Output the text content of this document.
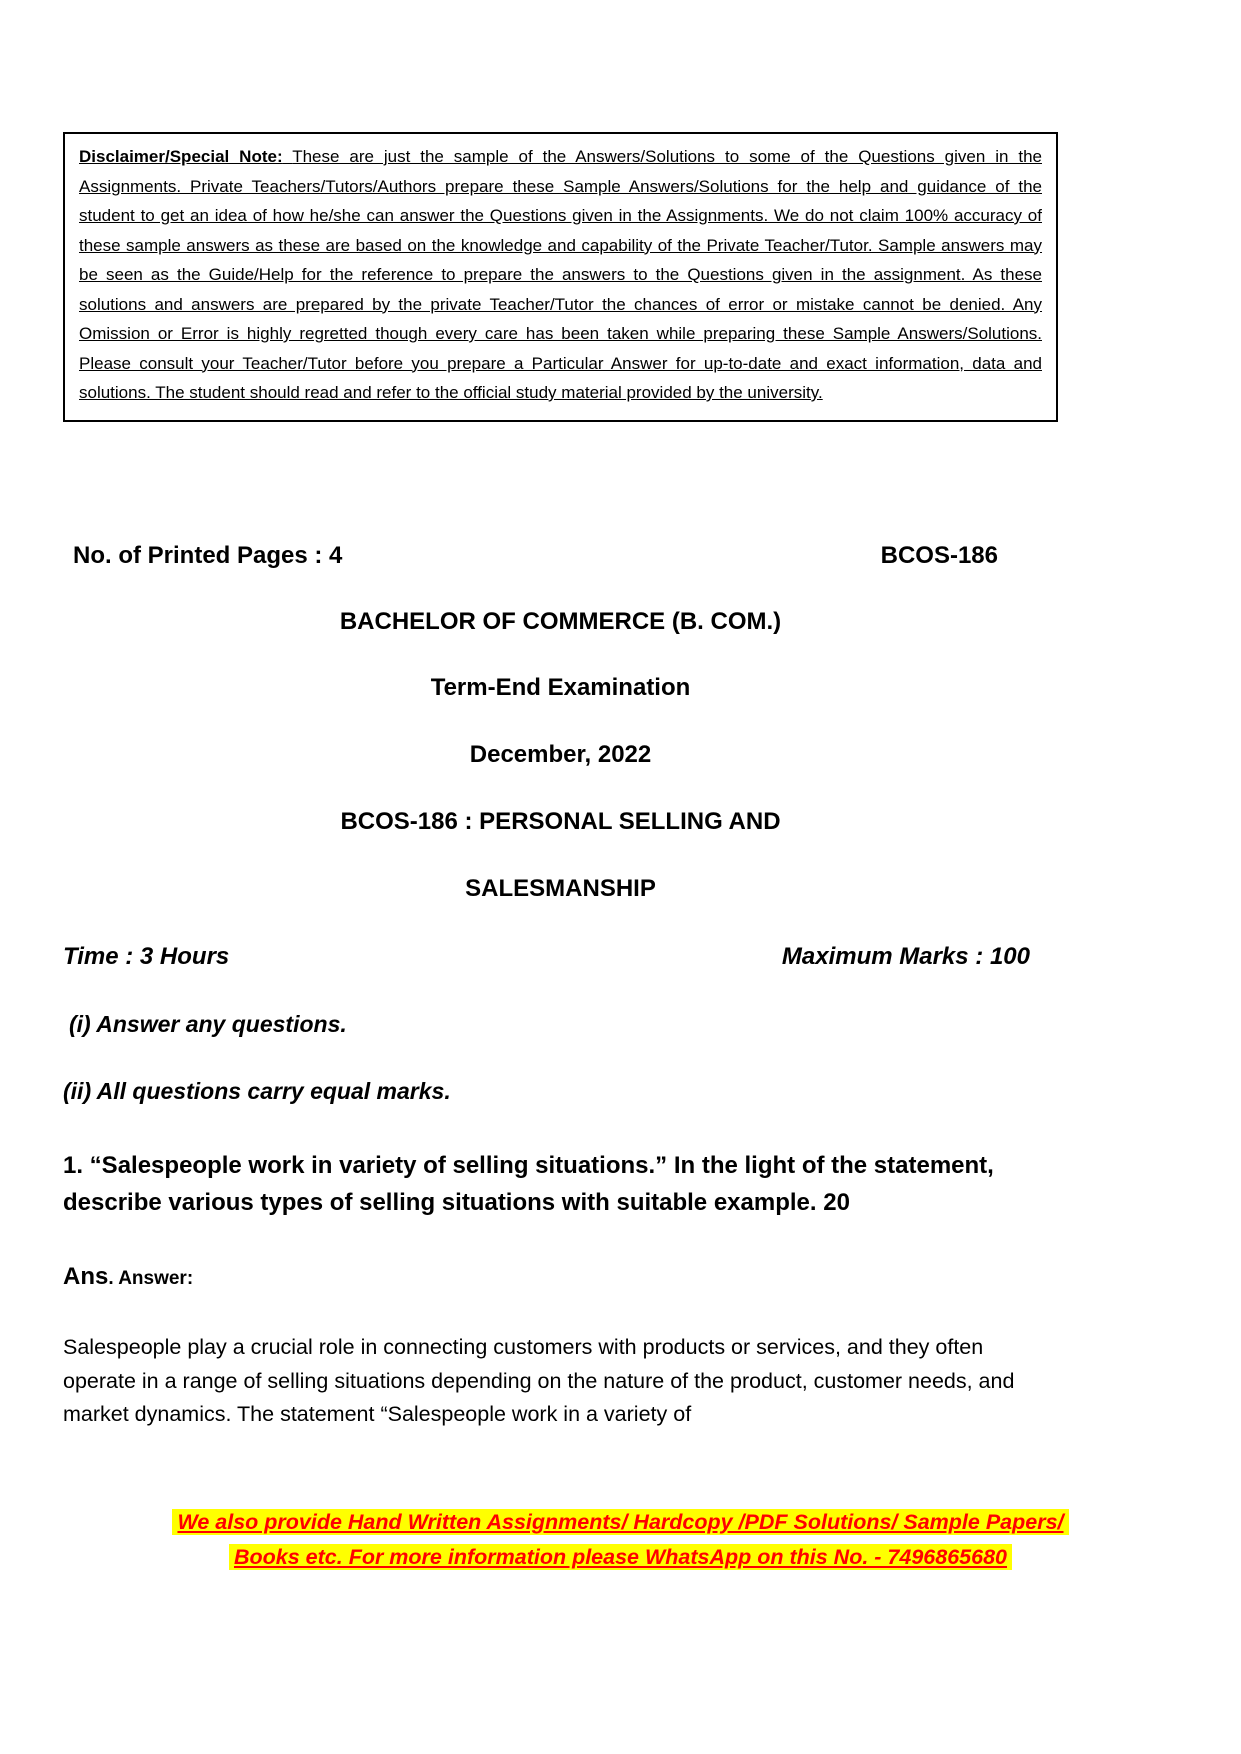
Disclaimer/Special Note: These are just the sample of the Answers/Solutions to some of the Questions given in the Assignments. Private Teachers/Tutors/Authors prepare these Sample Answers/Solutions for the help and guidance of the student to get an idea of how he/she can answer the Questions given in the Assignments. We do not claim 100% accuracy of these sample answers as these are based on the knowledge and capability of the Private Teacher/Tutor. Sample answers may be seen as the Guide/Help for the reference to prepare the answers to the Questions given in the assignment. As these solutions and answers are prepared by the private Teacher/Tutor the chances of error or mistake cannot be denied. Any Omission or Error is highly regretted though every care has been taken while preparing these Sample Answers/Solutions. Please consult your Teacher/Tutor before you prepare a Particular Answer for up-to-date and exact information, data and solutions. The student should read and refer to the official study material provided by the university.

No. of Printed Pages : 4	BCOS-186
BACHELOR OF COMMERCE (B. COM.)
Term-End Examination
December, 2022
BCOS-186 : PERSONAL SELLING AND
SALESMANSHIP
Time : 3 Hours	Maximum Marks : 100
(i) Answer any questions.
(ii) All questions carry equal marks.
1. “Salespeople work in variety of selling situations.” In the light of the statement, describe various types of selling situations with suitable example. 20
Ans. Answer:
Salespeople play a crucial role in connecting customers with products or services, and they often operate in a range of selling situations depending on the nature of the product, customer needs, and market dynamics. The statement “Salespeople work in a variety of
We also provide Hand Written Assignments/ Hardcopy /PDF Solutions/ Sample Papers/
Books etc. For more information please WhatsApp on this No. - 7496865680
